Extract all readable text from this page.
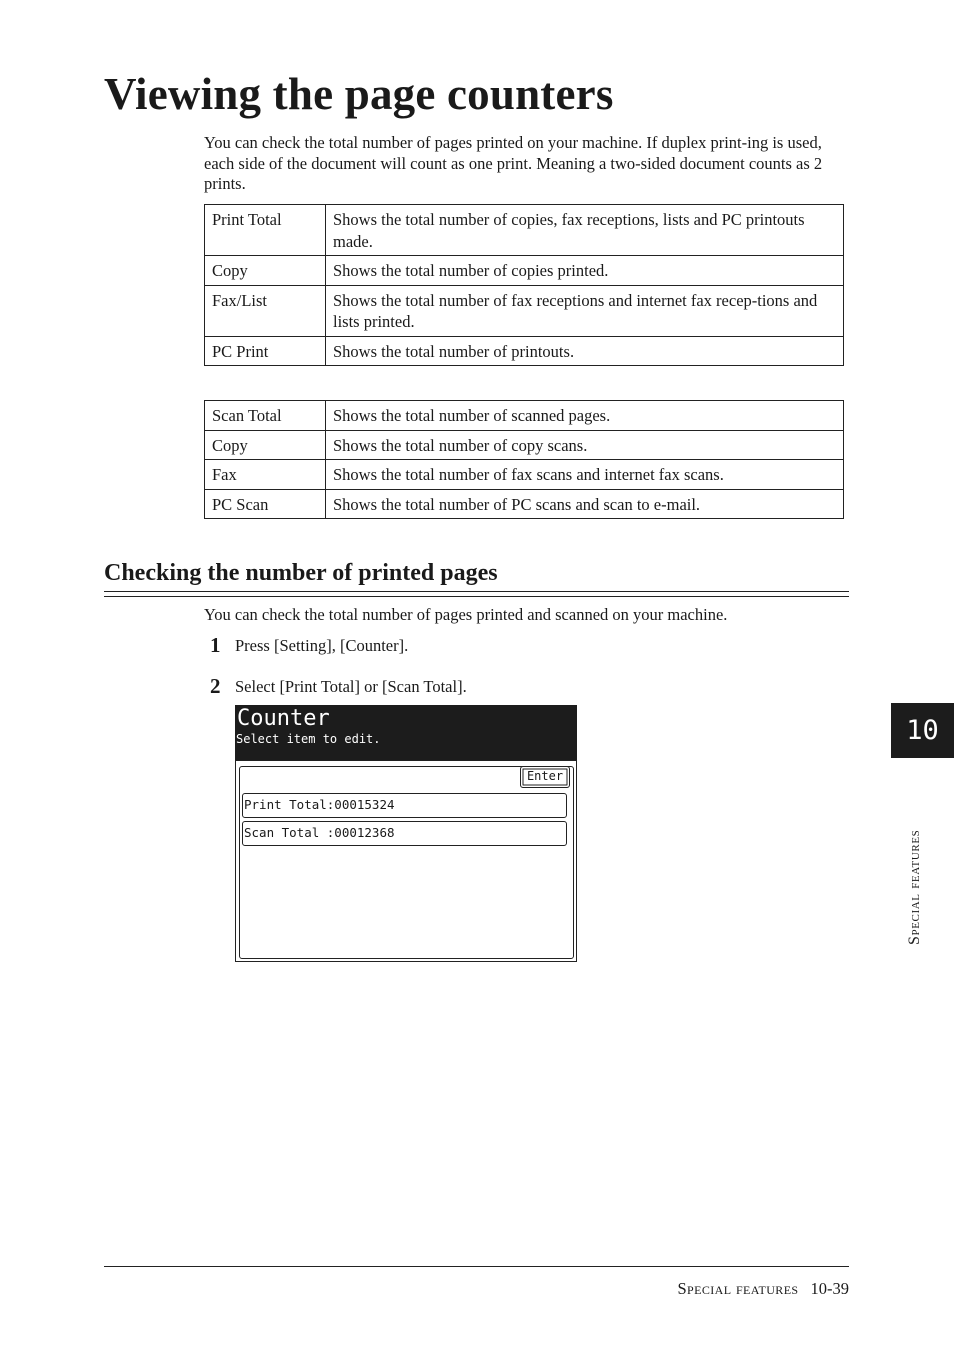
Viewing the page counters

You can check the total number of pages printed on your machine. If duplex print-ing is used, each side of the document will count as one print. Meaning a two-sided document counts as 2 prints.

Print Total	Shows the total number of copies, fax receptions, lists and PC printouts made.
Copy	Shows the total number of copies printed.
Fax/List	Shows the total number of fax receptions and internet fax recep-tions and lists printed.
PC Print	Shows the total number of printouts.
Scan Total	Shows the total number of scanned pages.
Copy	Shows the total number of copy scans.
Fax	Shows the total number of fax scans and internet fax scans.
PC Scan	Shows the total number of PC scans and scan to e-mail.
Checking the number of printed pages

You can check the total number of pages printed and scanned on your machine.

1 Press [Setting], [Counter].
2 Select [Print Total] or [Scan Total].
Counter
Select item to edit.
Enter
Print Total:00015324
Scan Total :00012368
10
Special features
Special features 10-39
